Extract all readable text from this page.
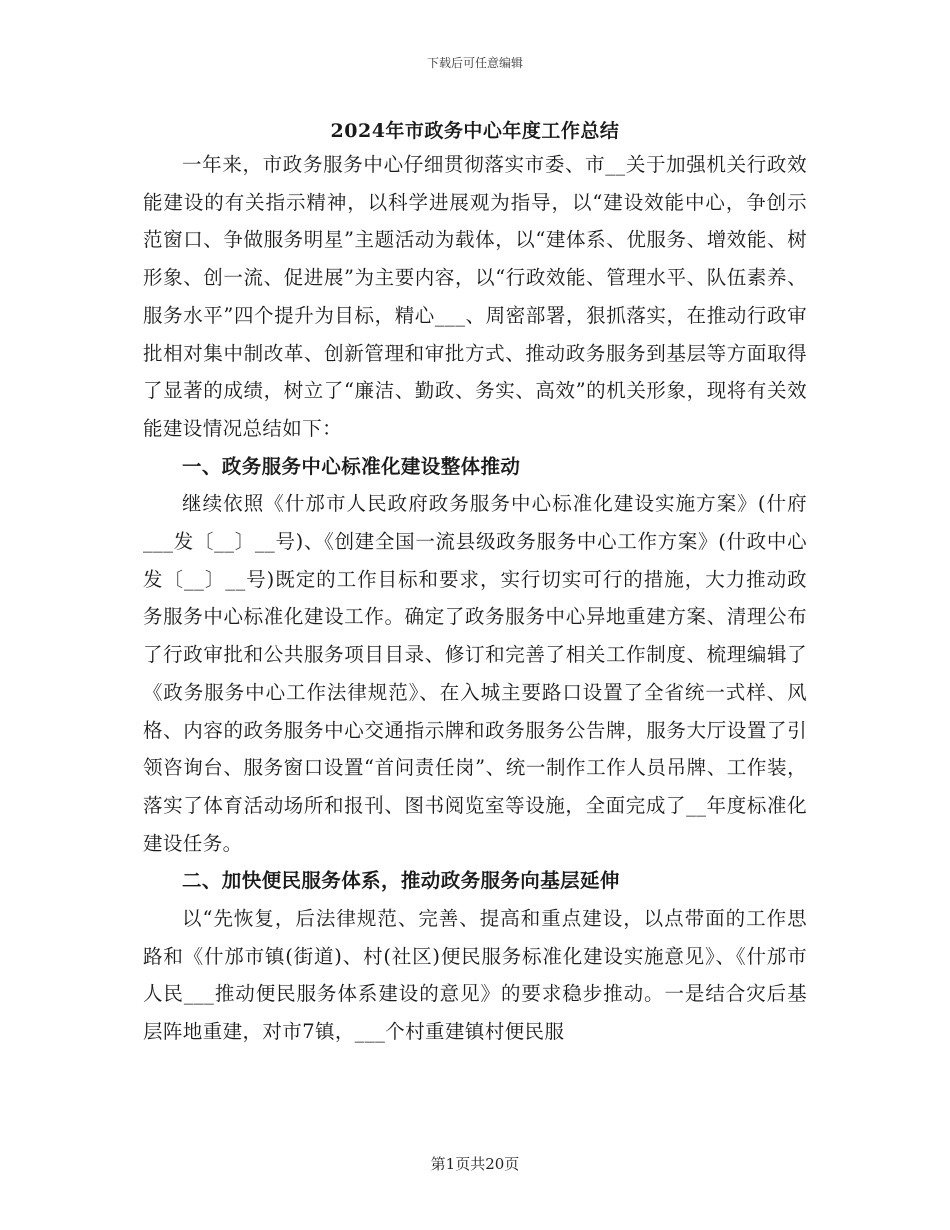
下载后可任意编辑
2024年市政务中心年度工作总结

一年来，市政务服务中心仔细贯彻落实市委、市__关于加强机关行政效能建设的有关指示精神，以科学进展观为指导，以“建设效能中心，争创示范窗口、争做服务明星”主题活动为载体，以“建体系、优服务、增效能、树形象、创一流、促进展”为主要内容，以“行政效能、管理水平、队伍素养、服务水平”四个提升为目标，精心___、周密部署，狠抓落实，在推动行政审批相对集中制改革、创新管理和审批方式、推动政务服务到基层等方面取得了显著的成绩，树立了“廉洁、勤政、务实、高效”的机关形象，现将有关效能建设情况总结如下：

一、政务服务中心标准化建设整体推动

继续依照《什邡市人民政府政务服务中心标准化建设实施方案》(什府___发〔__〕__号)、《创建全国一流县级政务服务中心工作方案》(什政中心发〔__〕__号)既定的工作目标和要求，实行切实可行的措施，大力推动政务服务中心标准化建设工作。确定了政务服务中心异地重建方案、清理公布了行政审批和公共服务项目目录、修订和完善了相关工作制度、梳理编辑了《政务服务中心工作法律规范》、在入城主要路口设置了全省统一式样、风格、内容的政务服务中心交通指示牌和政务服务公告牌，服务大厅设置了引领咨询台、服务窗口设置“首问责任岗”、统一制作工作人员吊牌、工作装，落实了体育活动场所和报刊、图书阅览室等设施，全面完成了__年度标准化建设任务。

二、加快便民服务体系，推动政务服务向基层延伸

以“先恢复，后法律规范、完善、提高和重点建设，以点带面的工作思路和《什邡市镇(街道)、村(社区)便民服务标准化建设实施意见》、《什邡市人民___推动便民服务体系建设的意见》的要求稳步推动。一是结合灾后基层阵地重建，对市7镇，___个村重建镇村便民服

第1页共20页
